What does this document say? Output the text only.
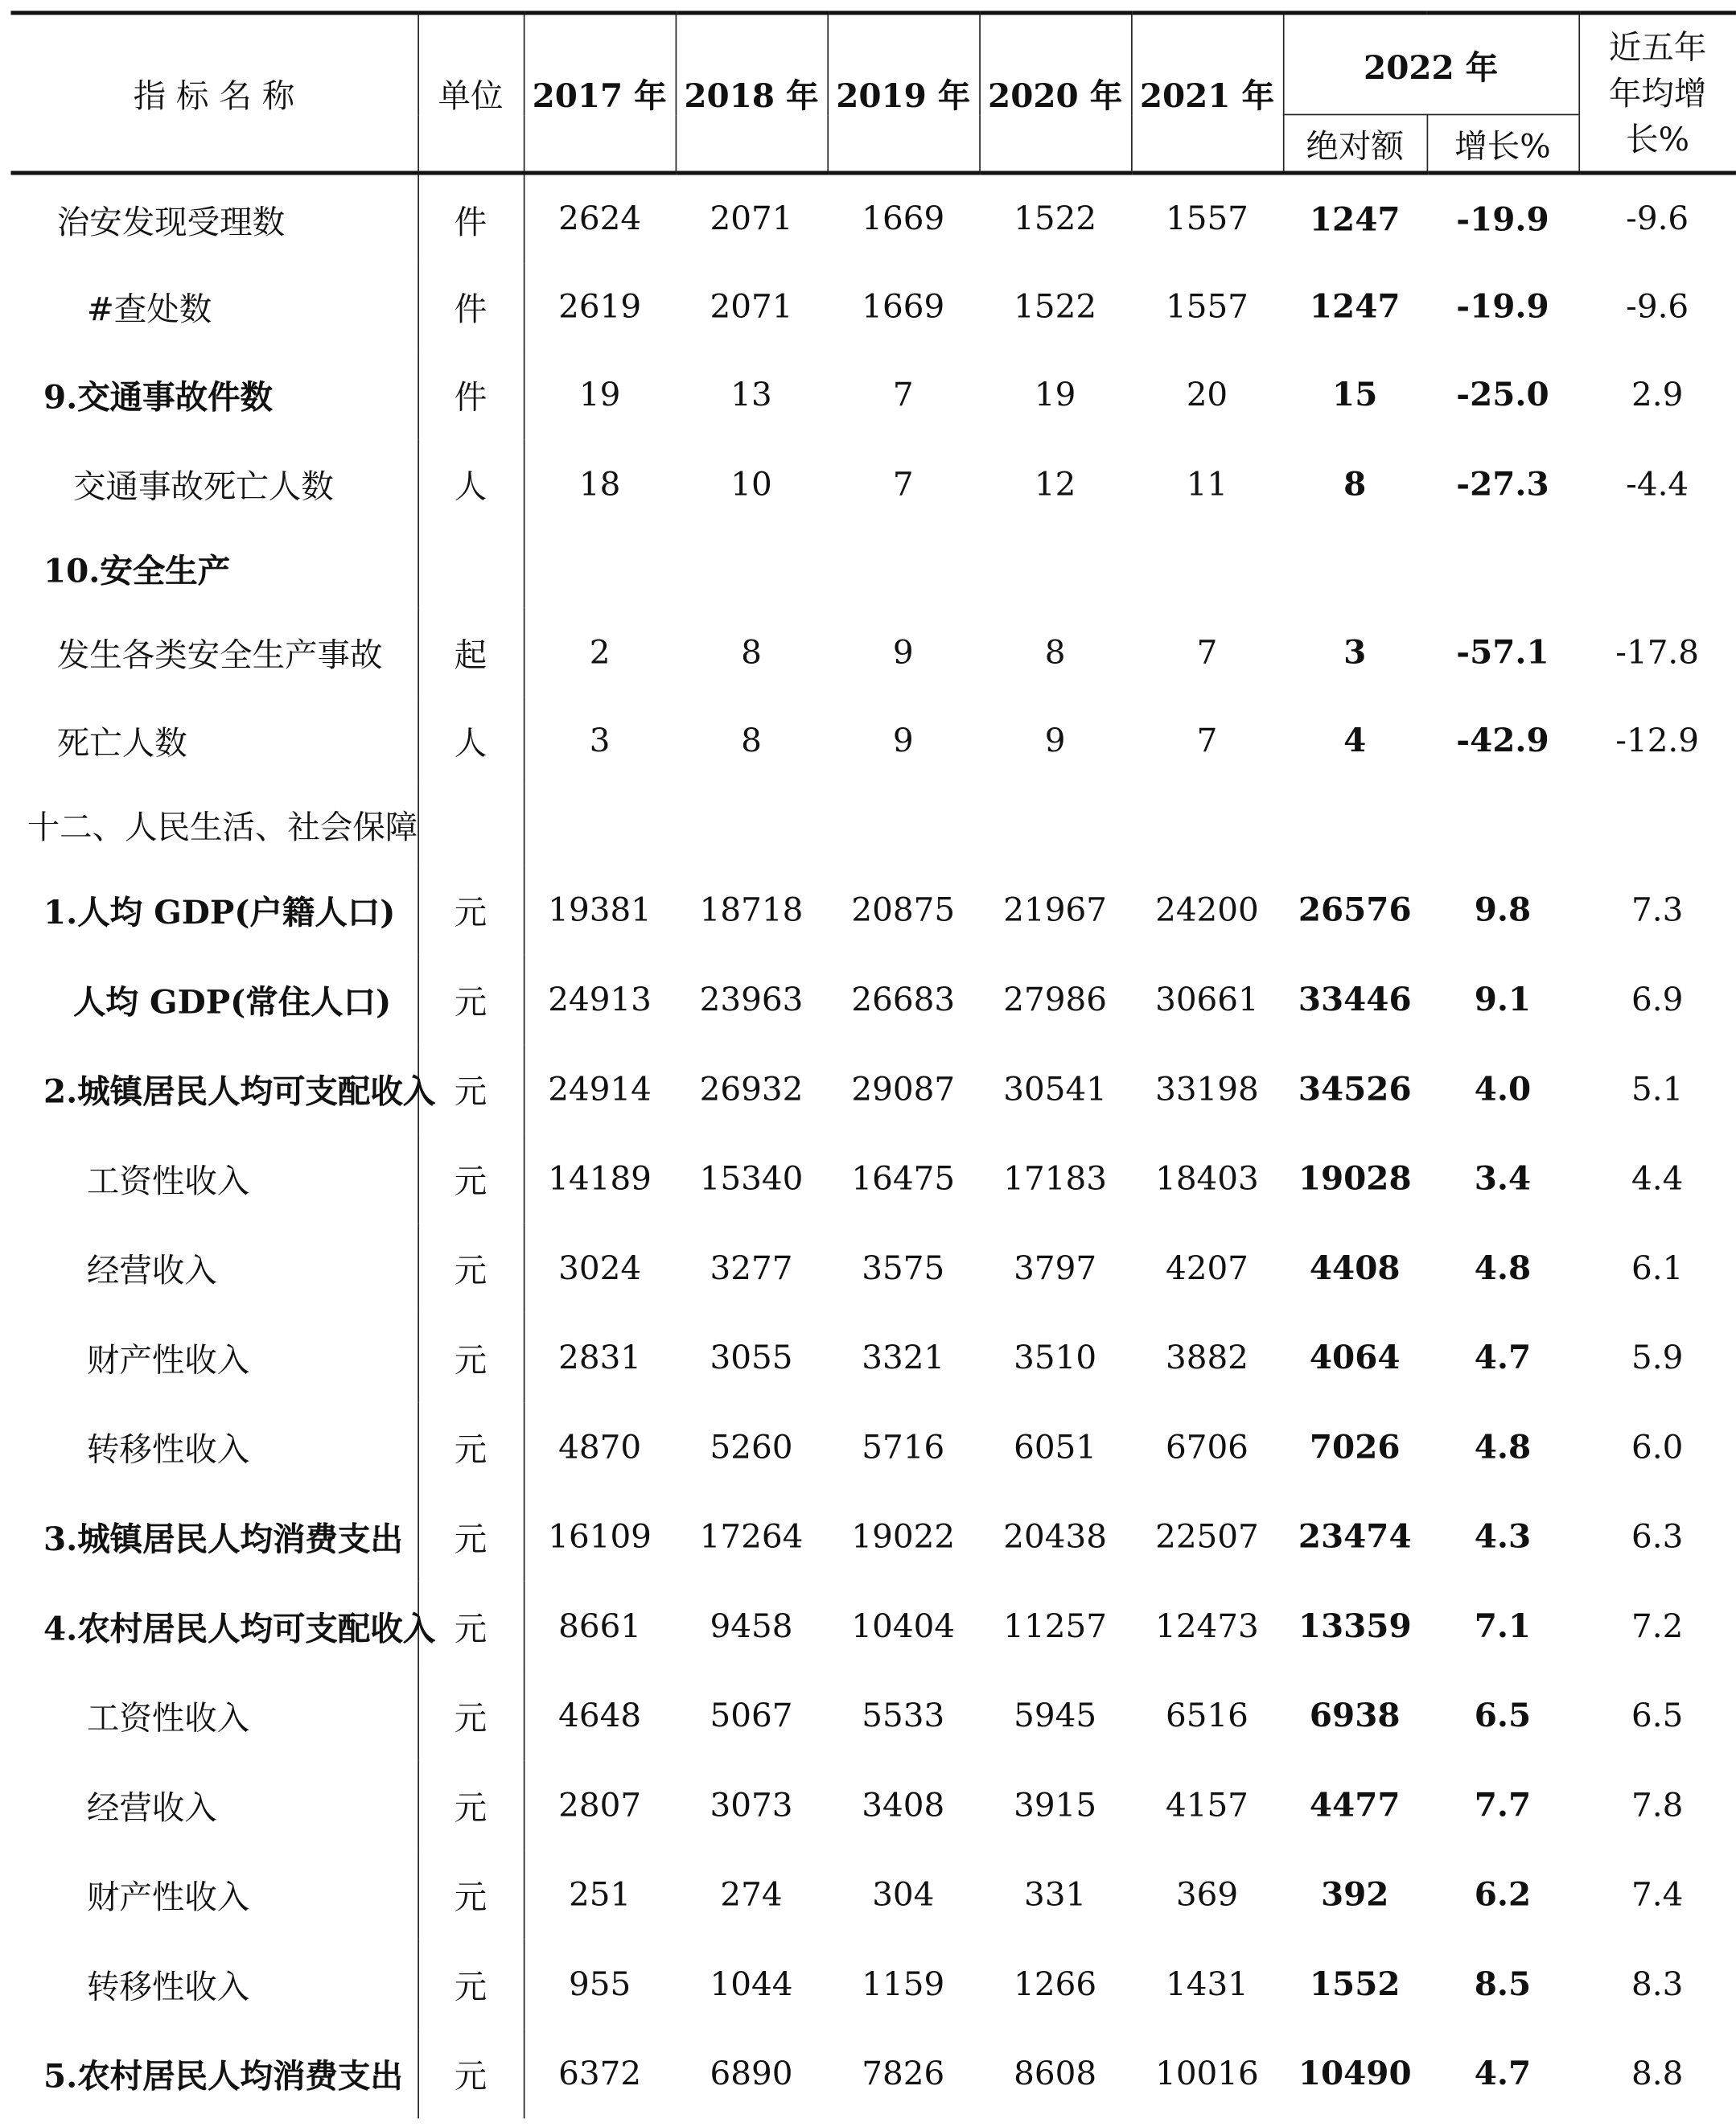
指 标 名 称	单位	2017 年	2018 年	2019 年	2020 年	2021 年	2022 年		近五年
年均增
长%

							绝对额	增长%	
治安发现受理数	件	2624	2071	1669	1522	1557	1247	-19.9	-9.6
#查处数	件	2619	2071	1669	1522	1557	1247	-19.9	-9.6
9.交通事故件数	件	19	13	7	19	20	15	-25.0	2.9
交通事故死亡人数	人	18	10	7	12	11	8	-27.3	-4.4
10.安全生产									
发生各类安全生产事故	起	2	8	9	8	7	3	-57.1	-17.8
死亡人数	人	3	8	9	9	7	4	-42.9	-12.9
十二、人民生活、社会保障									
1.人均 GDP(户籍人口)	元	19381	18718	20875	21967	24200	26576	9.8	7.3
人均 GDP(常住人口)	元	24913	23963	26683	27986	30661	33446	9.1	6.9
2.城镇居民人均可支配收入	元	24914	26932	29087	30541	33198	34526	4.0	5.1
工资性收入	元	14189	15340	16475	17183	18403	19028	3.4	4.4
经营收入	元	3024	3277	3575	3797	4207	4408	4.8	6.1
财产性收入	元	2831	3055	3321	3510	3882	4064	4.7	5.9
转移性收入	元	4870	5260	5716	6051	6706	7026	4.8	6.0
3.城镇居民人均消费支出	元	16109	17264	19022	20438	22507	23474	4.3	6.3
4.农村居民人均可支配收入	元	8661	9458	10404	11257	12473	13359	7.1	7.2
工资性收入	元	4648	5067	5533	5945	6516	6938	6.5	6.5
经营收入	元	2807	3073	3408	3915	4157	4477	7.7	7.8
财产性收入	元	251	274	304	331	369	392	6.2	7.4
转移性收入	元	955	1044	1159	1266	1431	1552	8.5	8.3
5.农村居民人均消费支出	元	6372	6890	7826	8608	10016	10490	4.7	8.8
